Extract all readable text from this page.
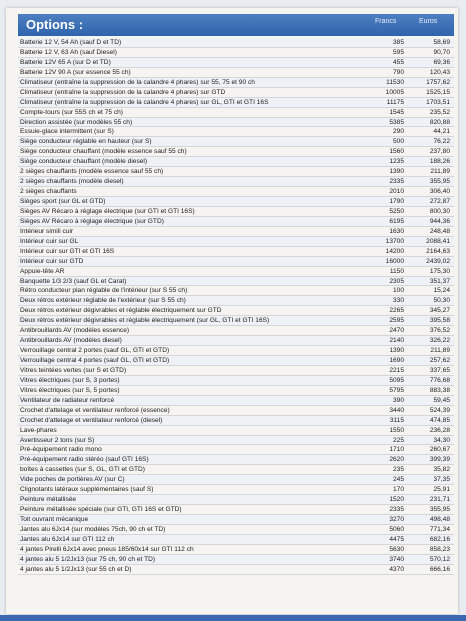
Options :	Francs	Euros
Batterie 12 V, 54 Ah (sauf D et TD)	385	58,69
Batterie 12 V, 63 Ah (sauf Diesel)	595	90,70
Batterie 12V 65 A (sur D et TD)	455	69,36
Batterie 12V 90 A (sur essence 55 ch)	790	120,43
Climatiseur (entraîne la suppression de la calandre 4 phares) sur 55, 75 et 90 ch	11530	1757,62
Climatiseur (entraîne la suppression de la calandre 4 phares) sur GTD	10005	1525,15
Climatiseur (entraîne la suppression de la calandre 4 phares) sur GL, GTI et GTI 16S	11175	1703,51
Compte-tours (sur 55S ch et 75 ch)	1545	235,52
Direction assistée (sur modèles 55 ch)	5385	820,88
Essuie-glace intermittent (sur S)	290	44,21
Siège conducteur réglable en hauteur (sur S)	500	76,22
Siège conducteur chauffant (modèle essence sauf 55 ch)	1560	237,80
Siège conducteur chauffant (modèle diesel)	1235	188,26
2 sièges chauffants (modèle essence sauf 55 ch)	1390	211,89
2 sièges chauffants (modèle diesel)	2335	355,95
2 sièges chauffants	2010	306,40
Sièges sport (sur GL et GTD)	1790	272,87
Sièges AV Récaro à réglage électrique (sur GTI et GTI 16S)	5250	800,30
Sièges AV Récaro à réglage électrique (sur GTD)	6195	944,36
Intérieur simili cuir	1630	248,48
Intérieur cuir sur GL	13700	2088,41
Intérieur cuir sur GTI et GTI 16S	14200	2164,63
Intérieur cuir sur GTD	16000	2439,02
Appuie-tête AR	1150	175,30
Banquette 1/3 2/3 (sauf GL et Carat)	2305	351,37
Rétro conducteur plan réglable de l'intérieur (sur S 55 ch)	100	15,24
Deux rétros extérieur réglable de l'extérieur (sur S 55 ch)	330	50,30
Deux rétros extérieur dégivrables et réglable électriquement sur GTD	2265	345,27
Deux rétros extérieur dégivrables et réglable électriquement (sur GL, GTI et GTI 16S)	2595	395,58
Antibrouillards AV (modèles essence)	2470	376,52
Antibrouillards AV (modèles diesel)	2140	326,22
Verrouillage central 2 portes (sauf GL, GTI et GTD)	1390	211,89
Verrouillage central 4 portes (sauf GL, GTI et GTD)	1690	257,62
Vitres teintées vertes (sur S et GTD)	2215	337,65
Vitres électriques (sur S, 3 portes)	5095	776,68
Vitres électriques (sur S, 5 portes)	5795	883,38
Ventilateur de radiateur renforcé	390	59,45
Crochet d'attelage et ventilateur renforcé (essence)	3440	524,39
Crochet d'attelage et ventilateur renforcé (diesel)	3115	474,85
Lave-phares	1550	236,28
Avertisseur 2 tons (sur S)	225	34,30
Pré-équipement radio mono	1710	260,67
Pré-équipement radio stéréo (sauf GTI 16S)	2620	399,39
boîtes à cassettes (sur S, GL, GTI et GTD)	235	35,82
Vide poches de portières AV (sur C)	245	37,35
Clignotants latéraux supplémentaires (sauf S)	170	25,91
Peinture métallisée	1520	231,71
Peinture métallisée spéciale (sur GTI, GTI 16S et GTD)	2335	355,95
Toit ouvrant mécanique	3270	498,48
Jantes alu 6Jx14 (sur modèles 75ch, 90 ch et TD)	5060	771,34
Jantes alu 6Jx14 sur GTI 112 ch	4475	682,16
4 jantes Pirelli 6Jx14 avec pneus 185/60x14 sur GTI 112 ch	5630	858,23
4 jantes alu 5 1/2Jx13 (sur 75 ch, 90 ch et TD)	3740	570,12
4 jantes alu 5 1/2Jx13 (sur 55 ch et D)	4370	666,16
